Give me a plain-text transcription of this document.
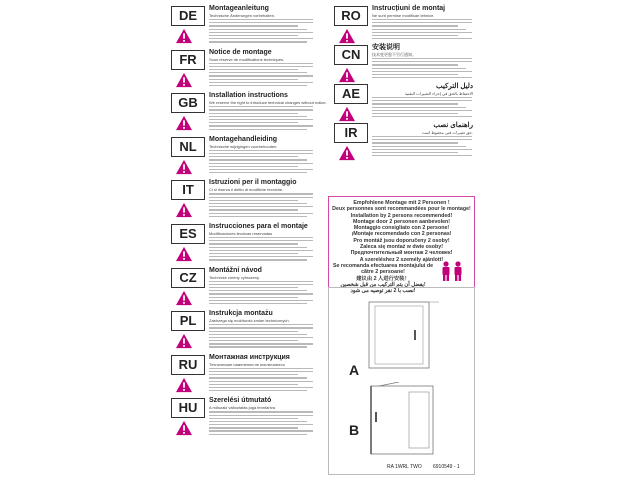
DE	Montageanleitung
Technische Änderungen vorbehalten.
FR	Notice de montage
Sous réserve de modifications techniques.
GB	Installation instructions
We reserve the right to introduce technical changes without notice.
NL	Montagehandleiding
Technische wijzigingen voorbehouden.
IT	Istruzioni per il montaggio
Ci si riserva il diritto di modifiche tecniche.
ES	Instrucciones para el montaje
Modificaciones técnicas reservadas
CZ	Montážní návod
Technické změny vyhrazeny.
PL	Instrukcja montażu
Zastrzega się możliwość zmian technicznych.
RU	Монтажная инструкция
Технические изменения не исключаются
HU	Szerelési útmutató
A műszaki változtatás joga fenntartva
RO	Instrucțiuni de montaj
Ne sunt permise modificari tehnice.
CN	安装说明
技术变更恕不另行通知。
AE	دليل التركيب
الاحتفاظ بالحق في إجراء التغييرات التقنية
IR	راهنمای نصب
حق تغییرات فنی محفوظ است.
Empfohlene Montage mit 2 Personen !
Deux personnes sont recommandées pour le montage!
Installation by 2 persons recommended!
Montage door 2 personen aanbevolen!
Montaggio consigliato con 2 persone!
¡Montaje recomendado con 2 personas!
Pro montáž jsou doporučeny 2 osoby!
Zaleca się montaż w dwie osoby!
Предпочтительный монтаж 2 человек!
A szereléshez 2 személy ajánlott!
Se recomanda efectuarea montajului de către 2 persoane!
建议由 2 人进行安装！
يفضل أن يتم التركيب من قبل شخصين!
نصب با 2 نفر توصیه می شود!
A
B
RA 1WRL TWO 6910549 - 1
